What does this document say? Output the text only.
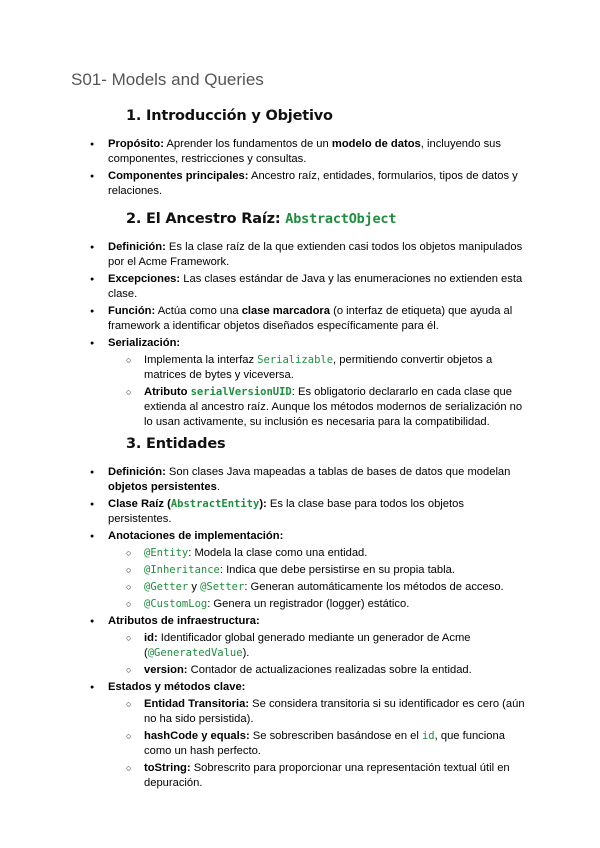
S01- Models and Queries
1. Introducción y Objetivo
● Propósito: Aprender los fundamentos de un modelo de datos, incluyendo sus componentes, restricciones y consultas.
● Componentes principales: Ancestro raíz, entidades, formularios, tipos de datos y relaciones.
2. El Ancestro Raíz: AbstractObject
● Definición: Es la clase raíz de la que extienden casi todos los objetos manipulados por el Acme Framework.
● Excepciones: Las clases estándar de Java y las enumeraciones no extienden esta clase.
● Función: Actúa como una clase marcadora (o interfaz de etiqueta) que ayuda al framework a identificar objetos diseñados específicamente para él.
● Serialización:
○ Implementa la interfaz Serializable, permitiendo convertir objetos a matrices de bytes y viceversa.
○ Atributo serialVersionUID: Es obligatorio declararlo en cada clase que extienda al ancestro raíz. Aunque los métodos modernos de serialización no lo usan activamente, su inclusión es necesaria para la compatibilidad.
3. Entidades
● Definición: Son clases Java mapeadas a tablas de bases de datos que modelan objetos persistentes.
● Clase Raíz (AbstractEntity): Es la clase base para todos los objetos persistentes.
● Anotaciones de implementación:
○ @Entity: Modela la clase como una entidad.
○ @Inheritance: Indica que debe persistirse en su propia tabla.
○ @Getter y @Setter: Generan automáticamente los métodos de acceso.
○ @CustomLog: Genera un registrador (logger) estático.
● Atributos de infraestructura:
○ id: Identificador global generado mediante un generador de Acme (@GeneratedValue).
○ version: Contador de actualizaciones realizadas sobre la entidad.
● Estados y métodos clave:
○ Entidad Transitoria: Se considera transitoria si su identificador es cero (aún no ha sido persistida).
○ hashCode y equals: Se sobrescriben basándose en el id, que funciona como un hash perfecto.
○ toString: Sobrescrito para proporcionar una representación textual útil en depuración.
